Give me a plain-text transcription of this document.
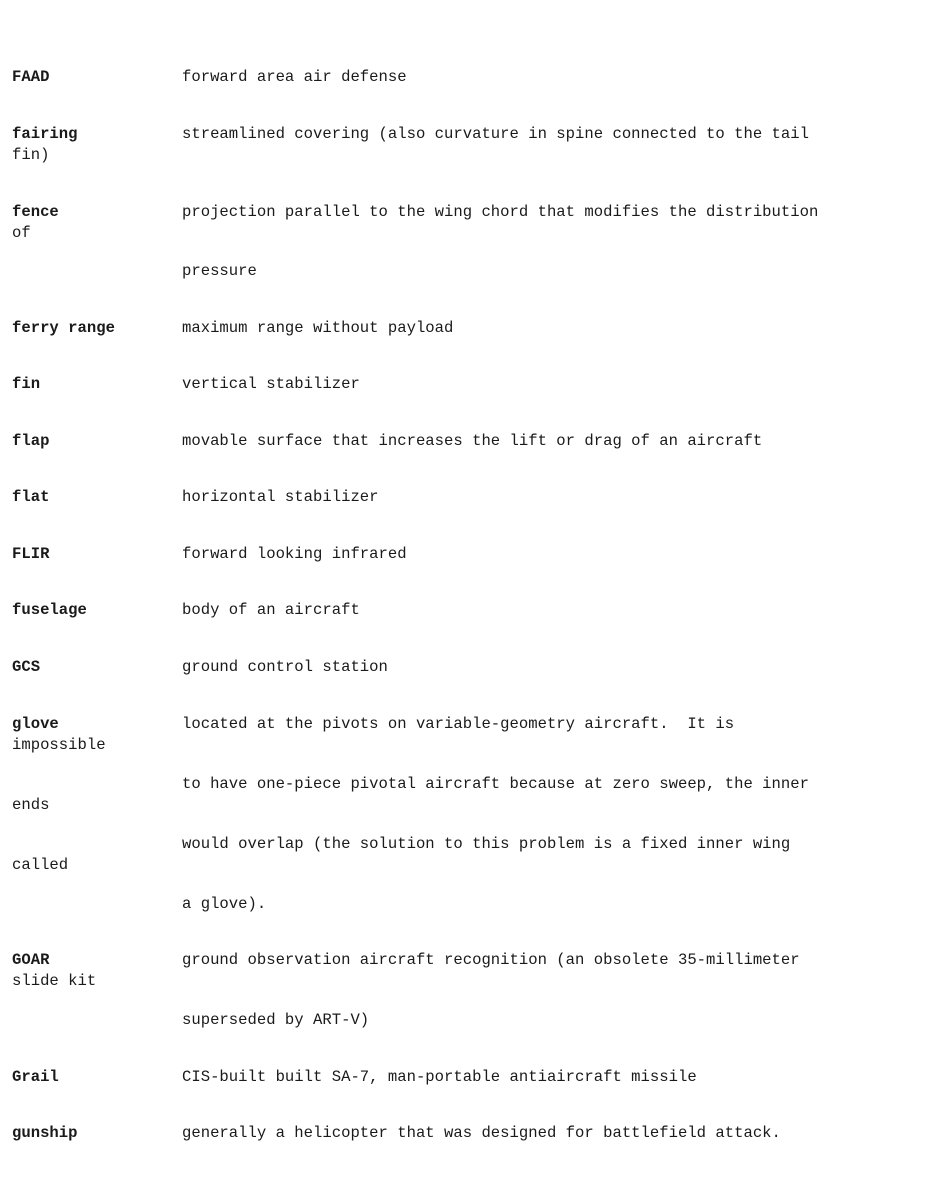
FAAD	forward area air defense
fairing	streamlined covering (also curvature in spine connected to the tail
fin)
fence	projection parallel to the wing chord that modifies the distribution
of
pressure
ferry range	maximum range without payload
fin	vertical stabilizer
flap	movable surface that increases the lift or drag of an aircraft
flat	horizontal stabilizer
FLIR	forward looking infrared
fuselage	body of an aircraft
GCS	ground control station
glove	located at the pivots on variable-geometry aircraft.  It is
impossible
to have one-piece pivotal aircraft because at zero sweep, the inner
ends
would overlap (the solution to this problem is a fixed inner wing
called
a glove).
GOAR	ground observation aircraft recognition (an obsolete 35-millimeter
slide kit
superseded by ART-V)
Grail	CIS-built built SA-7, man-portable antiaircraft missile
gunship	generally a helicopter that was designed for battlefield attack.
